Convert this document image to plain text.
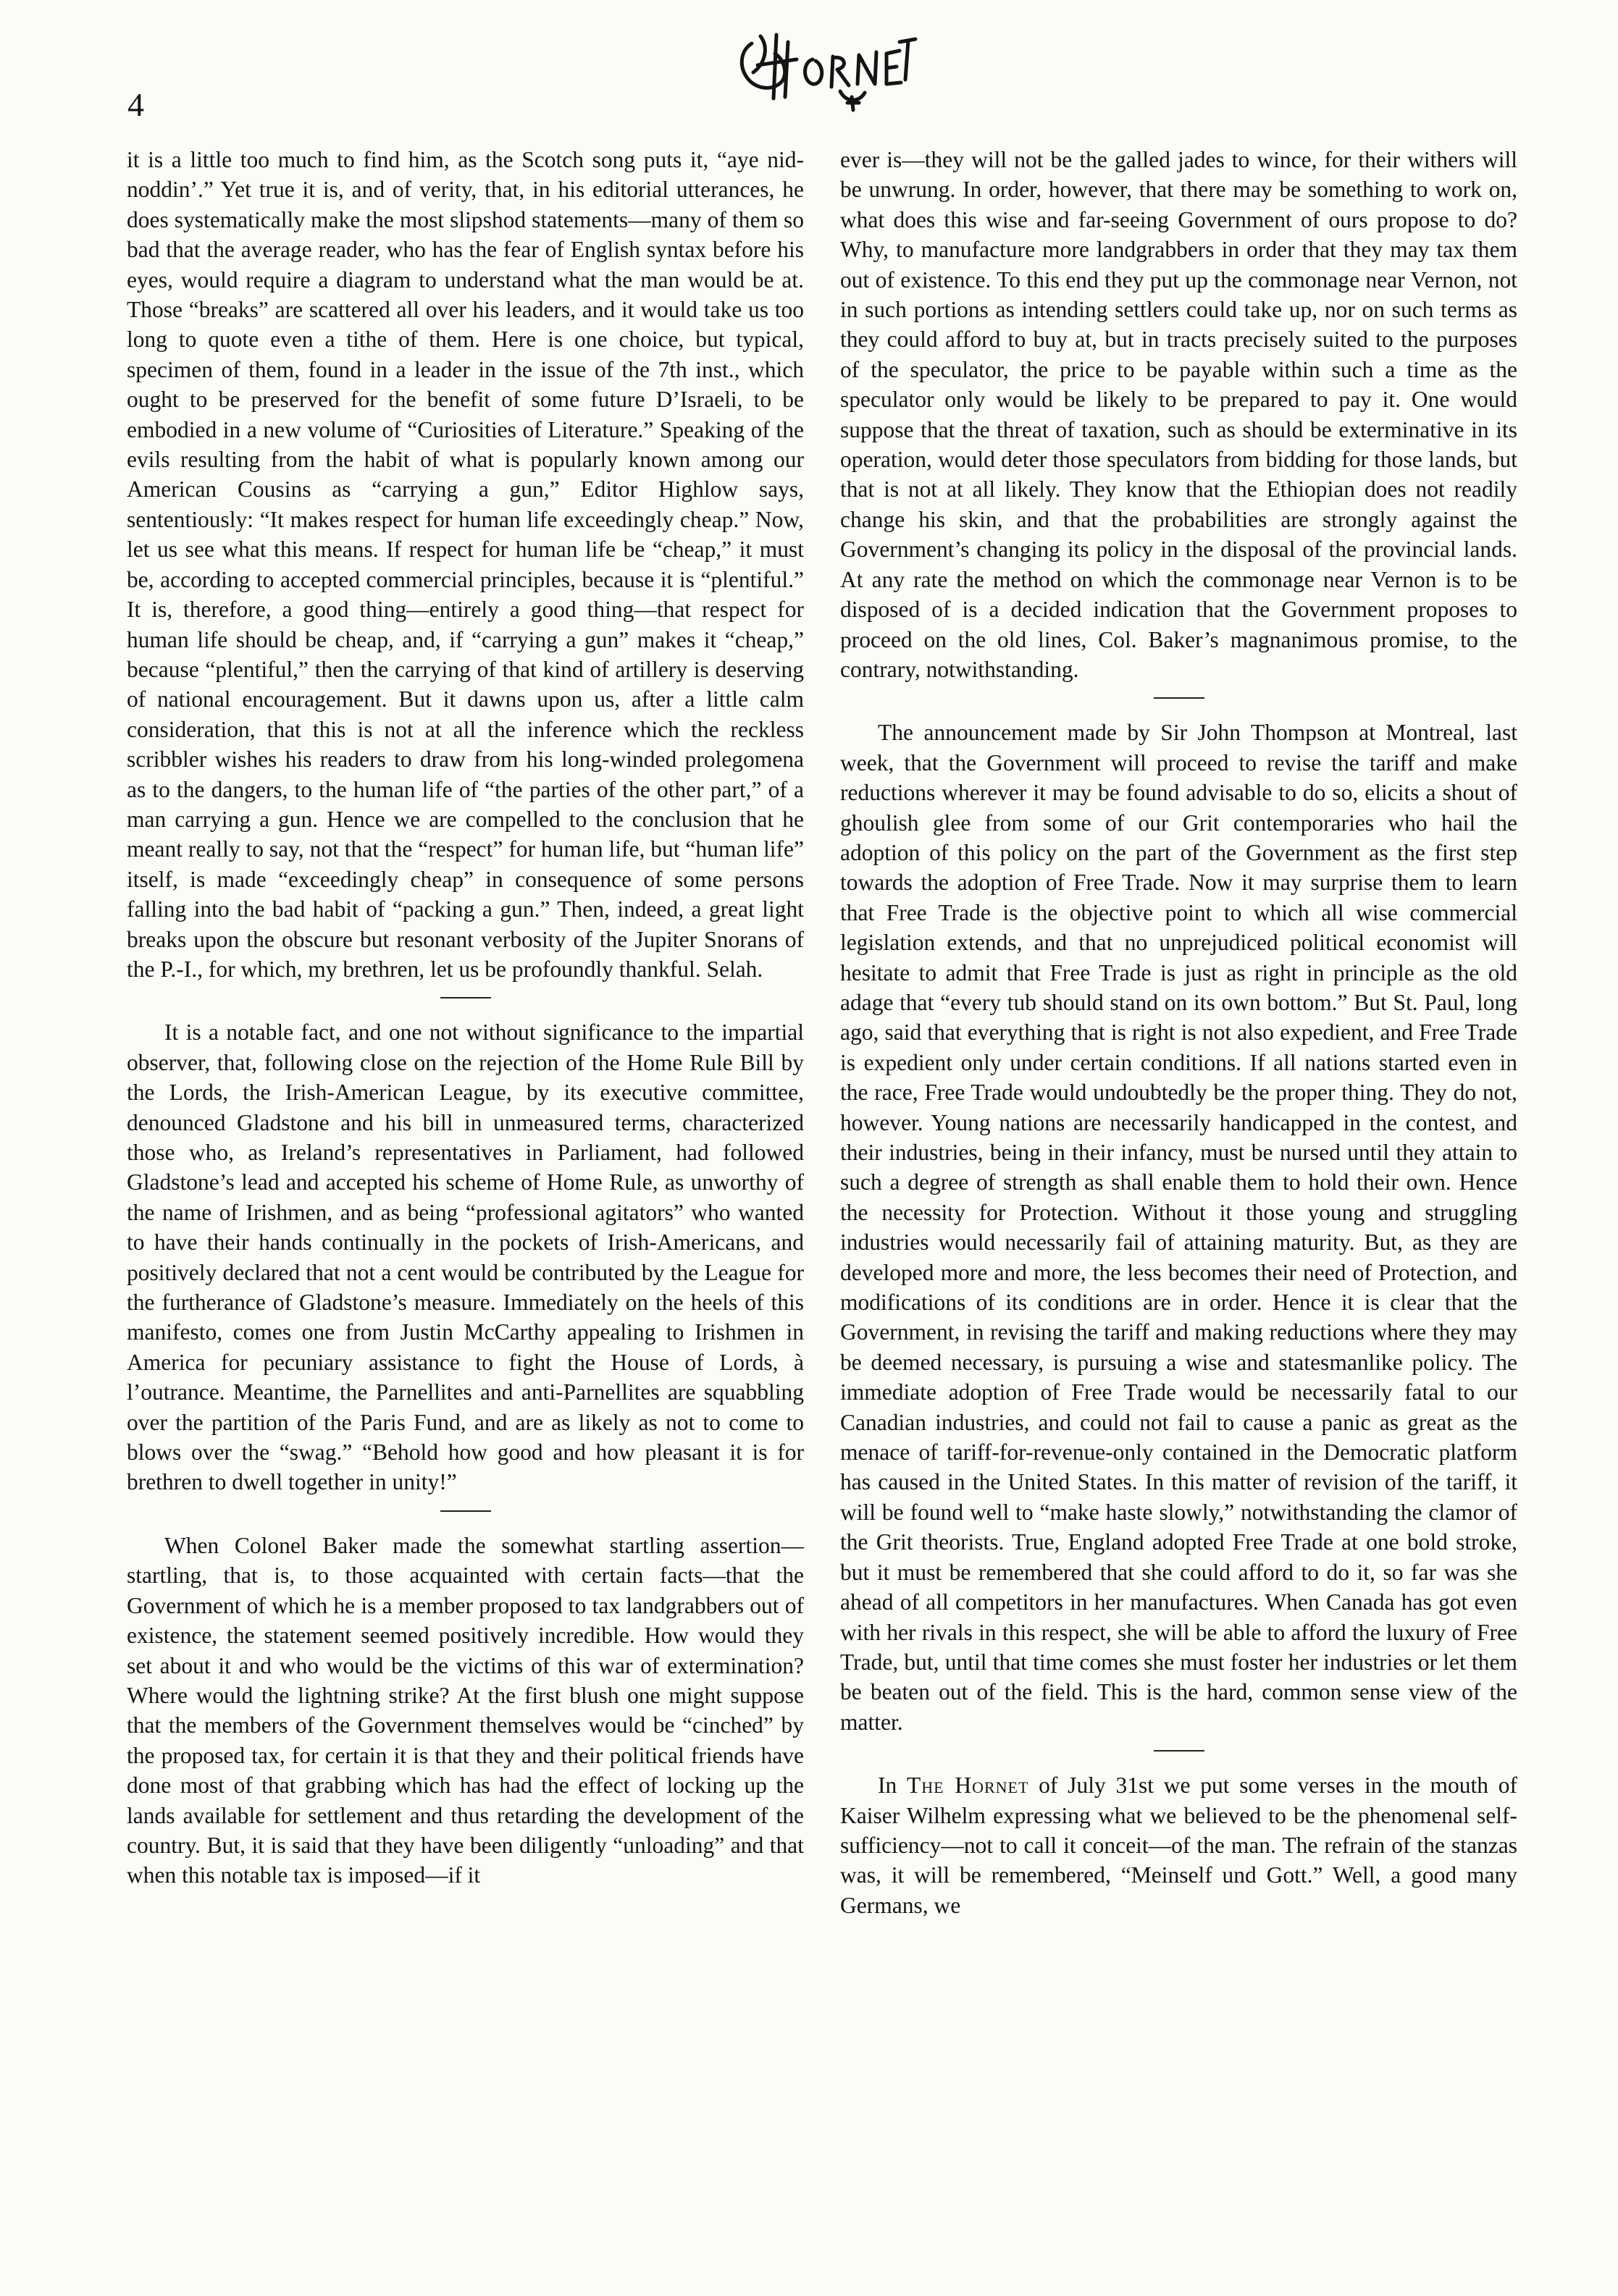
4

it is a little too much to find him, as the Scotch song puts it, “aye nid-noddin’.” Yet true it is, and of verity, that, in his editorial utterances, he does systematically make the most slipshod statements—many of them so bad that the average reader, who has the fear of English syntax before his eyes, would require a diagram to understand what the man would be at. Those “breaks” are scattered all over his leaders, and it would take us too long to quote even a tithe of them. Here is one choice, but typical, specimen of them, found in a leader in the issue of the 7th inst., which ought to be preserved for the benefit of some future D’Israeli, to be embodied in a new volume of “Curiosities of Literature.” Speaking of the evils resulting from the habit of what is popularly known among our American Cousins as “carrying a gun,” Editor Highlow says, sententiously: “It makes respect for human life exceedingly cheap.” Now, let us see what this means. If respect for human life be “cheap,” it must be, according to accepted commercial principles, because it is “plentiful.” It is, therefore, a good thing—entirely a good thing—that respect for human life should be cheap, and, if “carrying a gun” makes it “cheap,” because “plentiful,” then the carrying of that kind of artillery is deserving of national encouragement. But it dawns upon us, after a little calm consideration, that this is not at all the inference which the reckless scribbler wishes his readers to draw from his long-winded prolegomena as to the dangers, to the human life of “the parties of the other part,” of a man carrying a gun. Hence we are compelled to the conclusion that he meant really to say, not that the “respect” for human life, but “human life” itself, is made “exceedingly cheap” in consequence of some persons falling into the bad habit of “packing a gun.” Then, indeed, a great light breaks upon the obscure but resonant verbosity of the Jupiter Snorans of the P.-I., for which, my brethren, let us be profoundly thankful. Selah.

It is a notable fact, and one not without significance to the impartial observer, that, following close on the rejection of the Home Rule Bill by the Lords, the Irish-American League, by its executive committee, denounced Gladstone and his bill in unmeasured terms, characterized those who, as Ireland’s representatives in Parliament, had followed Gladstone’s lead and accepted his scheme of Home Rule, as unworthy of the name of Irishmen, and as being “professional agitators” who wanted to have their hands continually in the pockets of Irish-Americans, and positively declared that not a cent would be contributed by the League for the furtherance of Gladstone’s measure. Immediately on the heels of this manifesto, comes one from Justin McCarthy appealing to Irishmen in America for pecuniary assistance to fight the House of Lords, à l’outrance. Meantime, the Parnellites and anti-Parnellites are squabbling over the partition of the Paris Fund, and are as likely as not to come to blows over the “swag.” “Behold how good and how pleasant it is for brethren to dwell together in unity!”

When Colonel Baker made the somewhat startling assertion—startling, that is, to those acquainted with certain facts—that the Government of which he is a member proposed to tax landgrabbers out of existence, the statement seemed positively incredible. How would they set about it and who would be the victims of this war of extermination? Where would the lightning strike? At the first blush one might suppose that the members of the Government themselves would be “cinched” by the proposed tax, for certain it is that they and their political friends have done most of that grabbing which has had the effect of locking up the lands available for settlement and thus retarding the development of the country. But, it is said that they have been diligently “unloading” and that when this notable tax is imposed—if it

ever is—they will not be the galled jades to wince, for their withers will be unwrung. In order, however, that there may be something to work on, what does this wise and far-seeing Government of ours propose to do? Why, to manufacture more landgrabbers in order that they may tax them out of existence. To this end they put up the commonage near Vernon, not in such portions as intending settlers could take up, nor on such terms as they could afford to buy at, but in tracts precisely suited to the purposes of the speculator, the price to be payable within such a time as the speculator only would be likely to be prepared to pay it. One would suppose that the threat of taxation, such as should be exterminative in its operation, would deter those speculators from bidding for those lands, but that is not at all likely. They know that the Ethiopian does not readily change his skin, and that the probabilities are strongly against the Government’s changing its policy in the disposal of the provincial lands. At any rate the method on which the commonage near Vernon is to be disposed of is a decided indication that the Government proposes to proceed on the old lines, Col. Baker’s magnanimous promise, to the contrary, notwithstanding.

The announcement made by Sir John Thompson at Montreal, last week, that the Government will proceed to revise the tariff and make reductions wherever it may be found advisable to do so, elicits a shout of ghoulish glee from some of our Grit contemporaries who hail the adoption of this policy on the part of the Government as the first step towards the adoption of Free Trade. Now it may surprise them to learn that Free Trade is the objective point to which all wise commercial legislation extends, and that no unprejudiced political economist will hesitate to admit that Free Trade is just as right in principle as the old adage that “every tub should stand on its own bottom.” But St. Paul, long ago, said that everything that is right is not also expedient, and Free Trade is expedient only under certain conditions. If all nations started even in the race, Free Trade would undoubtedly be the proper thing. They do not, however. Young nations are necessarily handicapped in the contest, and their industries, being in their infancy, must be nursed until they attain to such a degree of strength as shall enable them to hold their own. Hence the necessity for Protection. Without it those young and struggling industries would necessarily fail of attaining maturity. But, as they are developed more and more, the less becomes their need of Protection, and modifications of its conditions are in order. Hence it is clear that the Government, in revising the tariff and making reductions where they may be deemed necessary, is pursuing a wise and statesmanlike policy. The immediate adoption of Free Trade would be necessarily fatal to our Canadian industries, and could not fail to cause a panic as great as the menace of tariff-for-revenue-only contained in the Democratic platform has caused in the United States. In this matter of revision of the tariff, it will be found well to “make haste slowly,” notwithstanding the clamor of the Grit theorists. True, England adopted Free Trade at one bold stroke, but it must be remembered that she could afford to do it, so far was she ahead of all competitors in her manufactures. When Canada has got even with her rivals in this respect, she will be able to afford the luxury of Free Trade, but, until that time comes she must foster her industries or let them be beaten out of the field. This is the hard, common sense view of the matter.

In The Hornet of July 31st we put some verses in the mouth of Kaiser Wilhelm expressing what we believed to be the phenomenal self-sufficiency—not to call it conceit—of the man. The refrain of the stanzas was, it will be remembered, “Meinself und Gott.” Well, a good many Germans, we
